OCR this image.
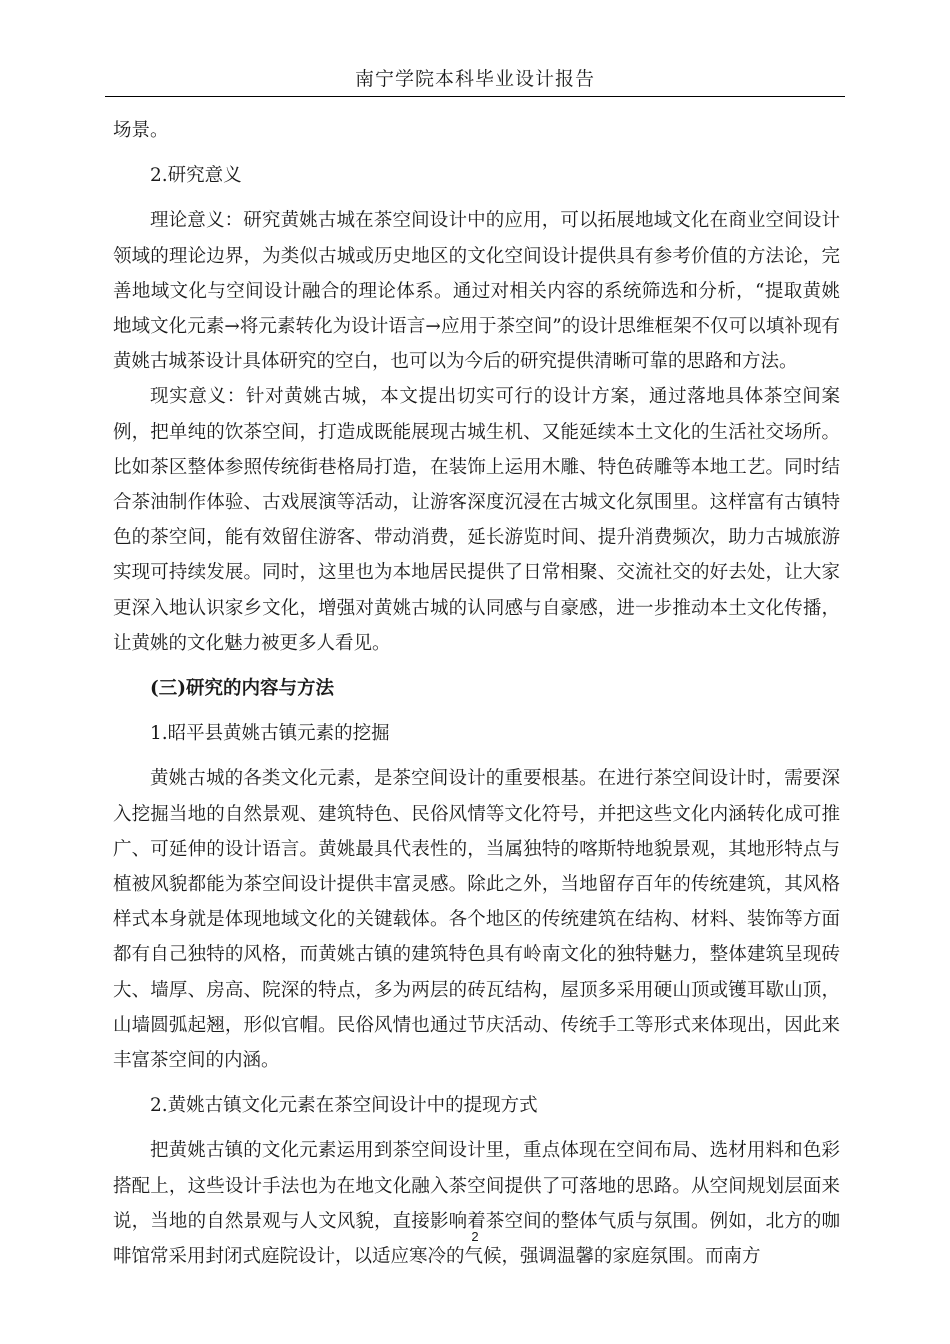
南宁学院本科毕业设计报告

场景。

2.研究意义

理论意义：研究黄姚古城在茶空间设计中的应用，可以拓展地域文化在商业空间设计领域的理论边界，为类似古城或历史地区的文化空间设计提供具有参考价值的方法论，完善地域文化与空间设计融合的理论体系。通过对相关内容的系统筛选和分析，“提取黄姚地域文化元素→将元素转化为设计语言→应用于茶空间”的设计思维框架不仅可以填补现有黄姚古城茶设计具体研究的空白，也可以为今后的研究提供清晰可靠的思路和方法。

现实意义：针对黄姚古城，本文提出切实可行的设计方案，通过落地具体茶空间案例，把单纯的饮茶空间，打造成既能展现古城生机、又能延续本土文化的生活社交场所。比如茶区整体参照传统街巷格局打造，在装饰上运用木雕、特色砖雕等本地工艺。同时结合茶油制作体验、古戏展演等活动，让游客深度沉浸在古城文化氛围里。这样富有古镇特色的茶空间，能有效留住游客、带动消费，延长游览时间、提升消费频次，助力古城旅游实现可持续发展。同时，这里也为本地居民提供了日常相聚、交流社交的好去处，让大家更深入地认识家乡文化，增强对黄姚古城的认同感与自豪感，进一步推动本土文化传播，让黄姚的文化魅力被更多人看见。

(三)研究的内容与方法

1.昭平县黄姚古镇元素的挖掘

黄姚古城的各类文化元素，是茶空间设计的重要根基。在进行茶空间设计时，需要深入挖掘当地的自然景观、建筑特色、民俗风情等文化符号，并把这些文化内涵转化成可推广、可延伸的设计语言。黄姚最具代表性的，当属独特的喀斯特地貌景观，其地形特点与植被风貌都能为茶空间设计提供丰富灵感。除此之外，当地留存百年的传统建筑，其风格样式本身就是体现地域文化的关键载体。各个地区的传统建筑在结构、材料、装饰等方面都有自己独特的风格，而黄姚古镇的建筑特色具有岭南文化的独特魅力，整体建筑呈现砖大、墙厚、房高、院深的特点，多为两层的砖瓦结构，屋顶多采用硬山顶或镬耳歇山顶，山墙圆弧起翘，形似官帽。民俗风情也通过节庆活动、传统手工等形式来体现出，因此来丰富茶空间的内涵。

2.黄姚古镇文化元素在茶空间设计中的提现方式

把黄姚古镇的文化元素运用到茶空间设计里，重点体现在空间布局、选材用料和色彩搭配上，这些设计手法也为在地文化融入茶空间提供了可落地的思路。从空间规划层面来说，当地的自然景观与人文风貌，直接影响着茶空间的整体气质与氛围。例如，北方的咖啡馆常采用封闭式庭院设计，以适应寒冷的气候，强调温馨的家庭氛围。而南方

2
